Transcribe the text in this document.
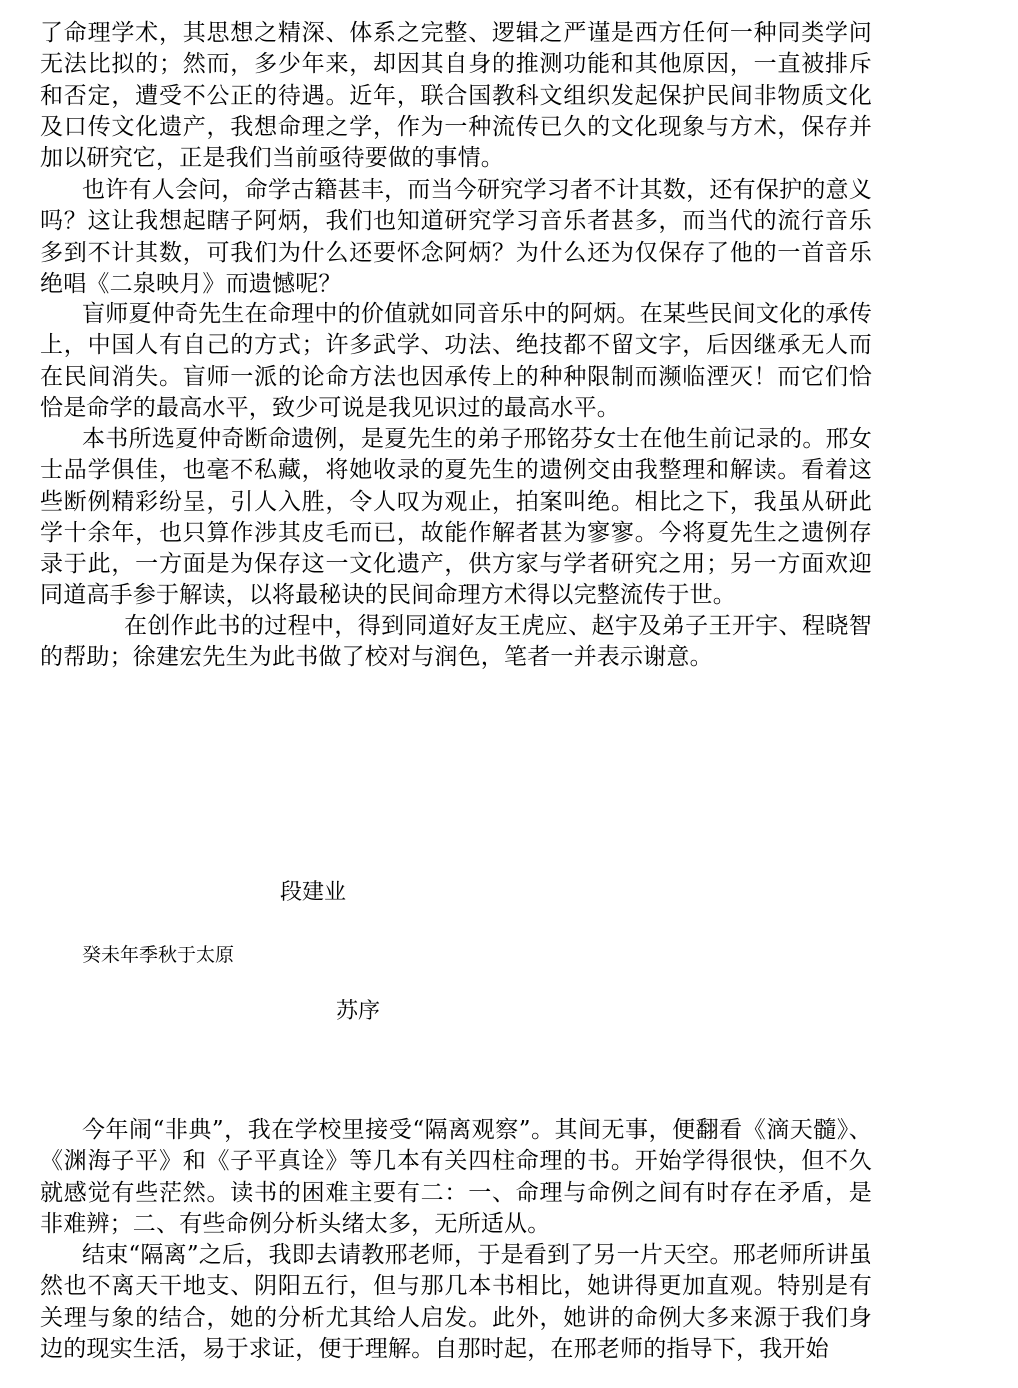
了命理学术，其思想之精深、体系之完整、逻辑之严谨是西方任何一种同类学问无法比拟的；然而，多少年来，却因其自身的推测功能和其他原因，一直被排斥和否定，遭受不公正的待遇。近年，联合国教科文组织发起保护民间非物质文化及口传文化遗产，我想命理之学，作为一种流传已久的文化现象与方术，保存并加以研究它，正是我们当前亟待要做的事情。

也许有人会问，命学古籍甚丰，而当今研究学习者不计其数，还有保护的意义吗？这让我想起瞎子阿炳，我们也知道研究学习音乐者甚多，而当代的流行音乐多到不计其数，可我们为什么还要怀念阿炳？为什么还为仅保存了他的一首音乐绝唱《二泉映月》而遗憾呢？

盲师夏仲奇先生在命理中的价值就如同音乐中的阿炳。在某些民间文化的承传上，中国人有自己的方式；许多武学、功法、绝技都不留文字，后因继承无人而在民间消失。盲师一派的论命方法也因承传上的种种限制而濒临湮灭！而它们恰恰是命学的最高水平，致少可说是我见识过的最高水平。

本书所选夏仲奇断命遗例，是夏先生的弟子邢铭芬女士在他生前记录的。邢女士品学俱佳，也毫不私藏，将她收录的夏先生的遗例交由我整理和解读。看着这些断例精彩纷呈，引人入胜，令人叹为观止，拍案叫绝。相比之下，我虽从研此学十余年，也只算作涉其皮毛而已，故能作解者甚为寥寥。今将夏先生之遗例存录于此，一方面是为保存这一文化遗产，供方家与学者研究之用；另一方面欢迎同道高手参于解读，以将最秘诀的民间命理方术得以完整流传于世。

在创作此书的过程中，得到同道好友王虎应、赵宇及弟子王开宇、程晓智的帮助；徐建宏先生为此书做了校对与润色，笔者一并表示谢意。

段建业

癸未年季秋于太原

苏序

今年闹“非典”，我在学校里接受“隔离观察”。其间无事，便翻看《滴天髓》、《渊海子平》和《子平真诠》等几本有关四柱命理的书。开始学得很快，但不久就感觉有些茫然。读书的困难主要有二：一、命理与命例之间有时存在矛盾，是非难辨；二、有些命例分析头绪太多，无所适从。

结束“隔离”之后，我即去请教邢老师，于是看到了另一片天空。邢老师所讲虽然也不离天干地支、阴阳五行，但与那几本书相比，她讲得更加直观。特别是有关理与象的结合，她的分析尤其给人启发。此外，她讲的命例大多来源于我们身边的现实生活，易于求证，便于理解。自那时起，在邢老师的指导下，我开始
